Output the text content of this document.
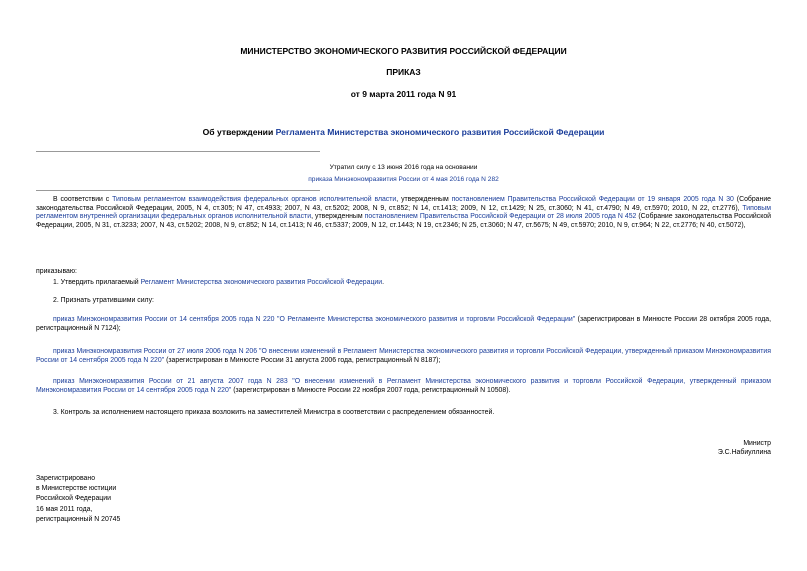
МИНИСТЕРСТВО ЭКОНОМИЧЕСКОГО РАЗВИТИЯ РОССИЙСКОЙ ФЕДЕРАЦИИ
ПРИКАЗ
от 9 марта 2011 года N 91
Об утверждении Регламента Министерства экономического развития Российской Федерации
Утратил силу с 13 июня 2016 года на основании
приказа Минэкономразвития России от 4 мая 2016 года N 282
В соответствии с Типовым регламентом взаимодействия федеральных органов исполнительной власти, утвержденным постановлением Правительства Российской Федерации от 19 января 2005 года N 30 (Собрание законодательства Российской Федерации, 2005, N 4, ст.305; N 47, ст.4933; 2007, N 43, ст.5202; 2008, N 9, ст.852; N 14, ст.1413; 2009, N 12, ст.1429; N 25, ст.3060; N 41, ст.4790; N 49, ст.5970; 2010, N 22, ст.2776), Типовым регламентом внутренней организации федеральных органов исполнительной власти, утвержденным постановлением Правительства Российской Федерации от 28 июля 2005 года N 452 (Собрание законодательства Российской Федерации, 2005, N 31, ст.3233; 2007, N 43, ст.5202; 2008, N 9, ст.852; N 14, ст.1413; N 46, ст.5337; 2009, N 12, ст.1443; N 19, ст.2346; N 25, ст.3060; N 47, ст.5675; N 49, ст.5970; 2010, N 9, ст.964; N 22, ст.2776; N 40, ст.5072),
приказываю:
1. Утвердить прилагаемый Регламент Министерства экономического развития Российской Федерации.
2. Признать утратившими силу:
приказ Минэкономразвития России от 14 сентября 2005 года N 220 "О Регламенте Министерства экономического развития и торговли Российской Федерации" (зарегистрирован в Минюсте России 28 октября 2005 года, регистрационный N 7124);
приказ Минэкономразвития России от 27 июля 2006 года N 206 "О внесении изменений в Регламент Министерства экономического развития и торговли Российской Федерации, утвержденный приказом Минэкономразвития России от 14 сентября 2005 года N 220" (зарегистрирован в Минюсте России 31 августа 2006 года, регистрационный N 8187);
приказ Минэкономразвития России от 21 августа 2007 года N 283 "О внесении изменений в Регламент Министерства экономического развития и торговли Российской Федерации, утвержденный приказом Минэкономразвития России от 14 сентября 2005 года N 220" (зарегистрирован в Минюсте России 22 ноября 2007 года, регистрационный N 10508).
3. Контроль за исполнением настоящего приказа возложить на заместителей Министра в соответствии с распределением обязанностей.
Министр
Э.С.Набиуллина
Зарегистрировано
в Министерстве юстиции
Российской Федерации
16 мая 2011 года,
регистрационный N 20745
